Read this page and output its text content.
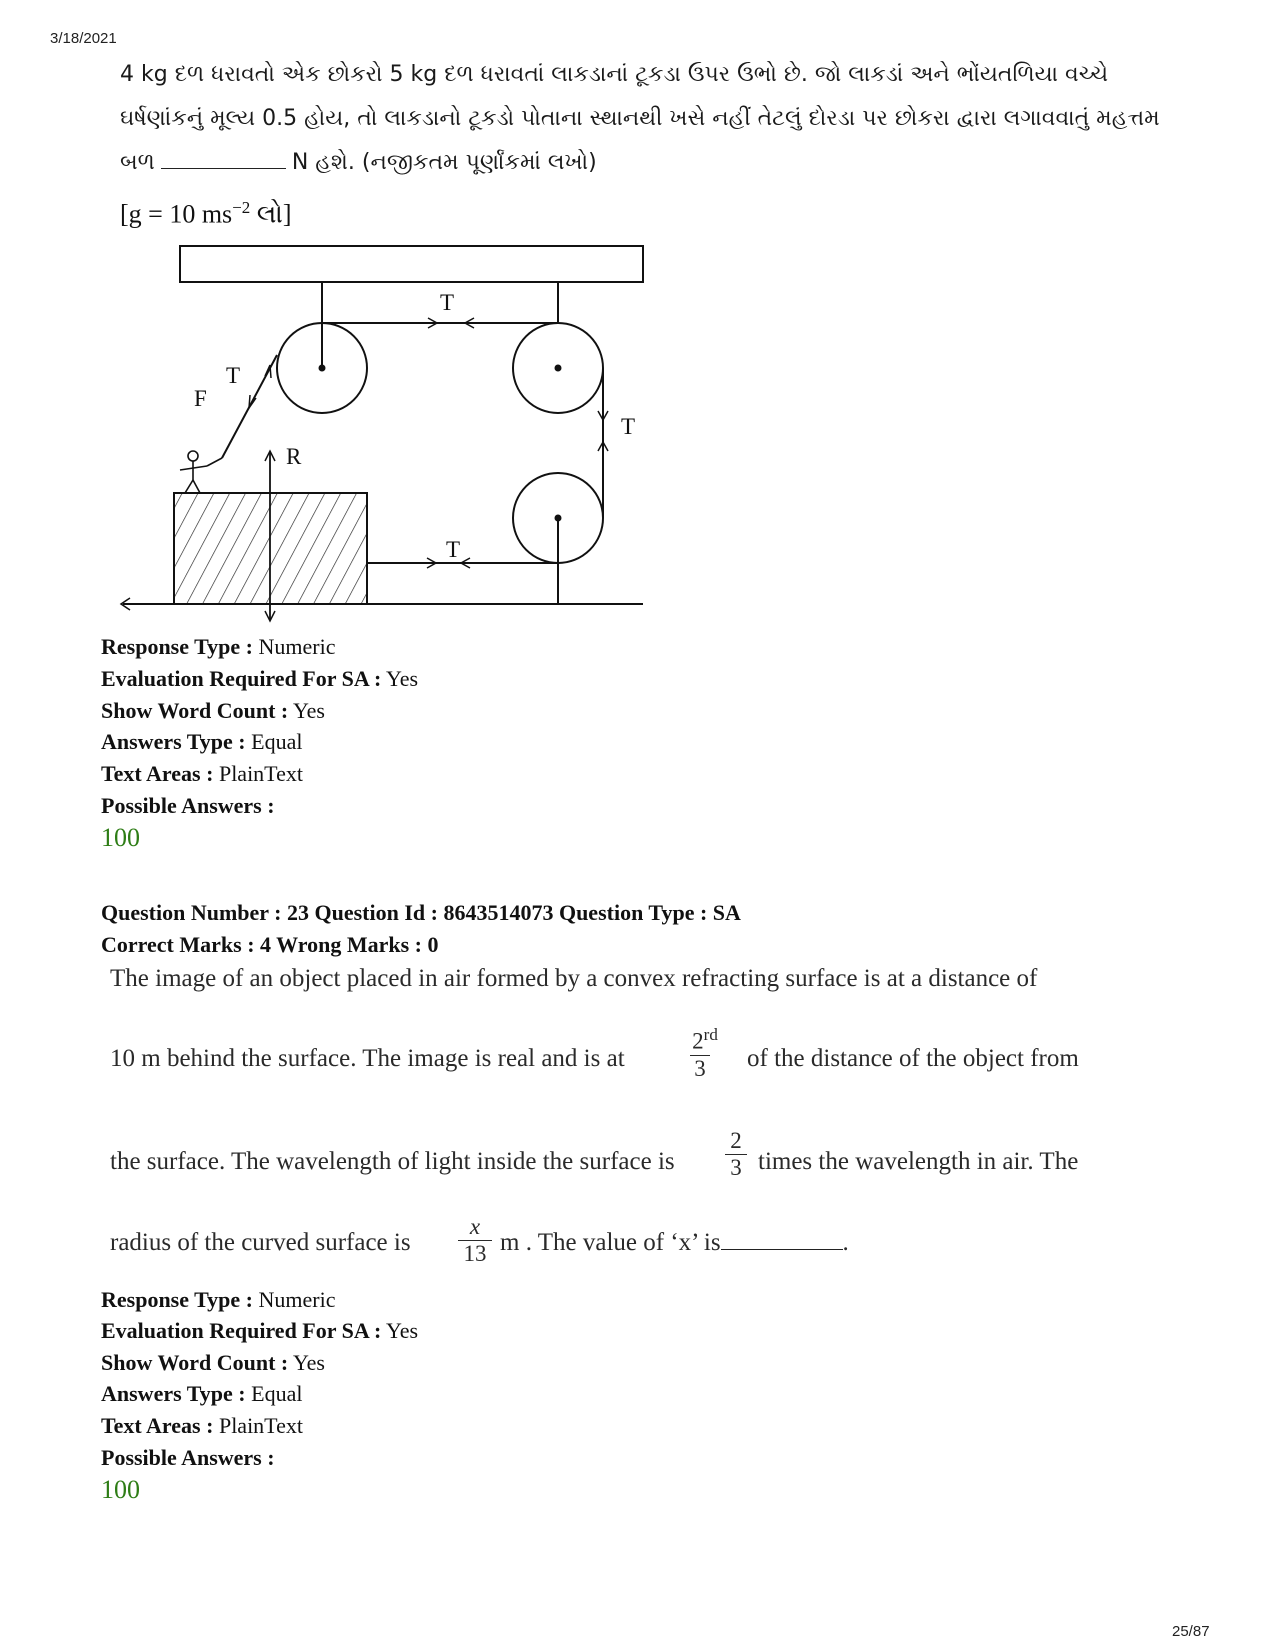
3/18/2021
4 kg દળ ધરાવતો એક છોકરો 5 kg દળ ધરાવતાં લાકડાનાં ટૂકડા ઉપર ઉભો છે. જો લાકડાં અને ભોંયતળિયા વચ્ચે
ઘર્ષણાંકનું મૂલ્ય 0.5 હોય, તો લાકડાનો ટૂકડો પોતાના સ્થાનથી ખસે નહીં તેટલું દોરડા પર છોકરા દ્વારા લગાવવાતું મહત્તમ
બળ	N હશે. (નજીકતમ પૂર્ણાંકમાં લખો)
[g = 10 $ms^{-2}$ લો]
T
T
F
T
R
T
Response Type : Numeric
Evaluation Required For SA : Yes
Show Word Count : Yes
Answers Type : Equal
Text Areas : PlainText
Possible Answers :
100
Question Number : 23 Question Id : 8643514073 Question Type : SA
Correct Marks : 4 Wrong Marks : 0
The image of an object placed in air formed by a convex refracting surface is at a distance of
10 m behind the surface. The image is real and is at
2rd
3 of the distance of the object from
the surface. The wavelength of light inside the surface is
2
3 times the wavelength in air. The
radius of the curved surface is
x
13 m . The value of ‘x’ is	.
Response Type : Numeric
Evaluation Required For SA : Yes
Show Word Count : Yes
Answers Type : Equal
Text Areas : PlainText
Possible Answers :
100
25/87
